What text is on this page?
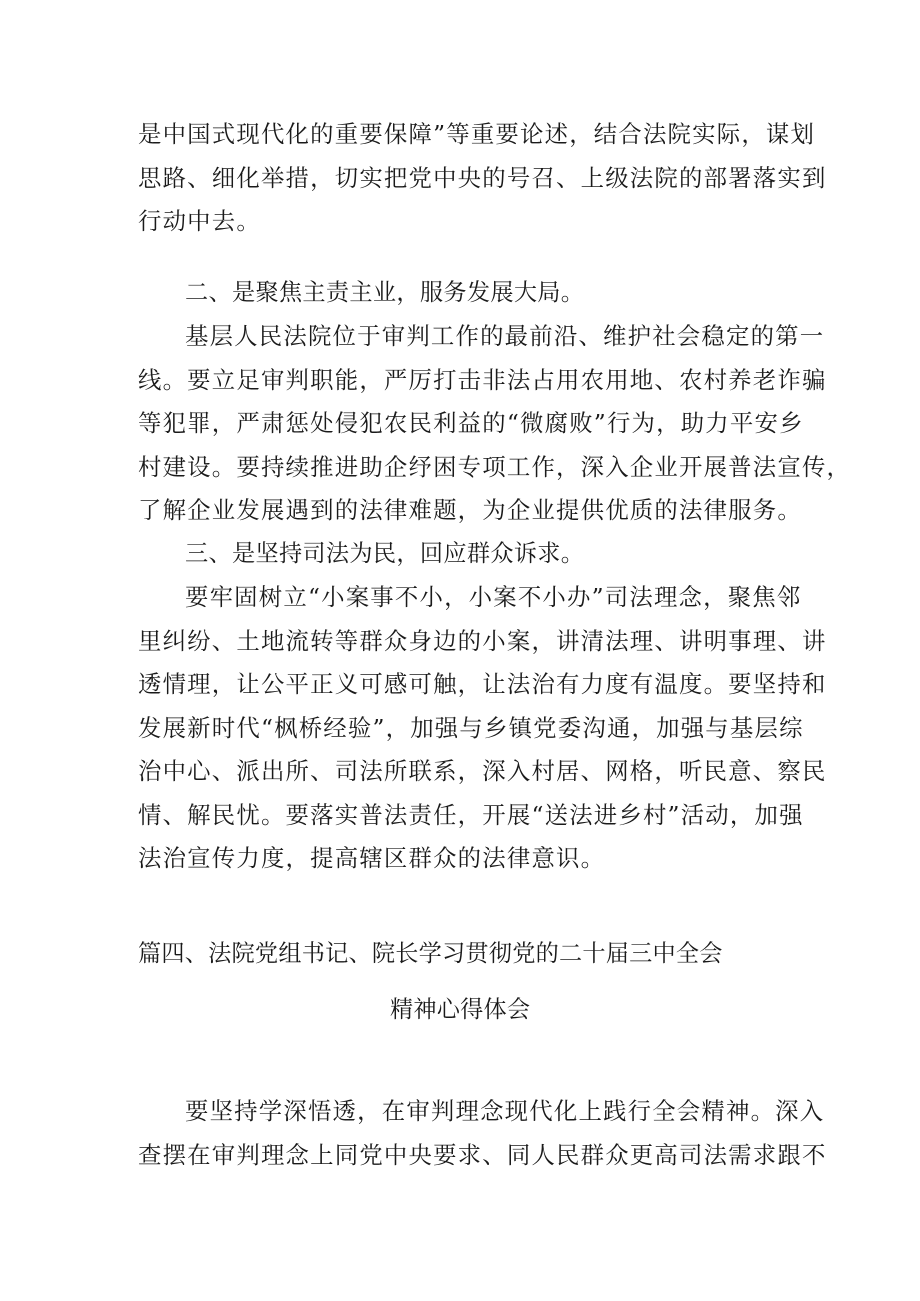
是中国式现代化的重要保障”等重要论述，结合法院实际，谋划
思路、细化举措，切实把党中央的号召、上级法院的部署落实到
行动中去。
二、是聚焦主责主业，服务发展大局。
基层人民法院位于审判工作的最前沿、维护社会稳定的第一
线。要立足审判职能，严厉打击非法占用农用地、农村养老诈骗
等犯罪，严肃惩处侵犯农民利益的“微腐败”行为，助力平安乡
村建设。要持续推进助企纾困专项工作，深入企业开展普法宣传，
了解企业发展遇到的法律难题，为企业提供优质的法律服务。
三、是坚持司法为民，回应群众诉求。
要牢固树立“小案事不小，小案不小办”司法理念，聚焦邻
里纠纷、土地流转等群众身边的小案，讲清法理、讲明事理、讲
透情理，让公平正义可感可触，让法治有力度有温度。要坚持和
发展新时代“枫桥经验”，加强与乡镇党委沟通，加强与基层综
治中心、派出所、司法所联系，深入村居、网格，听民意、察民
情、解民忧。要落实普法责任，开展“送法进乡村”活动，加强
法治宣传力度，提高辖区群众的法律意识。
篇四、法院党组书记、院长学习贯彻党的二十届三中全会
精神心得体会
要坚持学深悟透，在审判理念现代化上践行全会精神。深入
查摆在审判理念上同党中央要求、同人民群众更高司法需求跟不
